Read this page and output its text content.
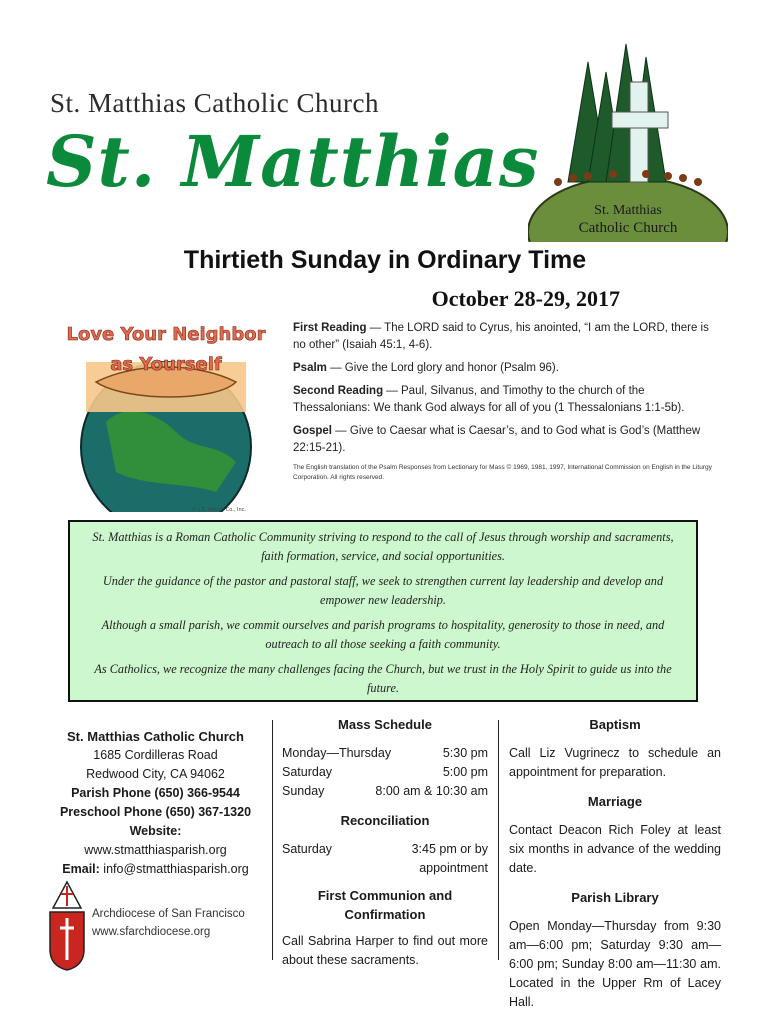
St. Matthias Catholic Church
St. Matthias
St. Matthias
Catholic Church
Thirtieth Sunday in Ordinary Time
October 28-29, 2017
Love Your Neighbor
as Yourself
© J.S. Paluch Co., Inc.

First Reading — The LORD said to Cyrus, his anointed, “I am the LORD, there is no other” (Isaiah 45:1, 4-6).

Psalm — Give the Lord glory and honor (Psalm 96).

Second Reading — Paul, Silvanus, and Timothy to the church of the Thessalonians: We thank God always for all of you (1 Thessalonians 1:1-5b).

Gospel — Give to Caesar what is Caesar’s, and to God what is God’s (Matthew 22:15-21).

The English translation of the Psalm Responses from Lectionary for Mass © 1969, 1981, 1997, International Commission on English in the Liturgy Corporation. All rights reserved.

St. Matthias is a Roman Catholic Community striving to respond to the call of Jesus through worship and sacraments, faith formation, service, and social opportunities.

Under the guidance of the pastor and pastoral staff, we seek to strengthen current lay leadership and develop and empower new leadership.

Although a small parish, we commit ourselves and parish programs to hospitality, generosity to those in need, and outreach to all those seeking a faith community.

As Catholics, we recognize the many challenges facing the Church, but we trust in the Holy Spirit to guide us into the future.

St. Matthias Catholic Church
1685 Cordilleras Road
Redwood City, CA 94062
Parish Phone (650) 366-9544
Preschool Phone (650) 367-1320
Website:
www.stmatthiasparish.org
Email: info@stmatthiasparish.org
Archdiocese of San Francisco
www.sfarchdiocese.org
Mass Schedule
Monday—Thursday	5:30 pm
Saturday	5:00 pm
Sunday	8:00 am & 10:30 am
Reconciliation
Saturday	3:45 pm or by
appointment
First Communion and
Confirmation
Call Sabrina Harper to find out more about these sacraments.
Baptism
Call Liz Vugrinecz to schedule an appointment for preparation.
Marriage
Contact Deacon Rich Foley at least six months in advance of the wedding date.
Parish Library
Open Monday—Thursday from 9:30 am—6:00 pm; Saturday 9:30 am—6:00 pm; Sunday 8:00 am—11:30 am. Located in the Upper Rm of Lacey Hall.
